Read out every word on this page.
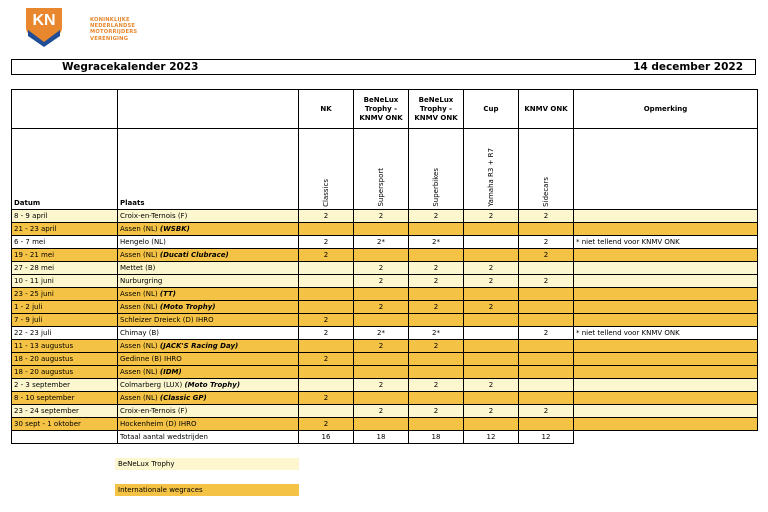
KN	KONINKLIJKE
NEDERLANDSE
MOTORRIJDERS
VERENIGING
Wegracekalender 2023	14 december 2022
		NK	BeNeLux Trophy - KNMV ONK	BeNeLux Trophy - KNMV ONK	Cup	KNMV ONK	Opmerking
Datum	Plaats	Classics	Supersport	Superbikes	Yamaha R3 + R7	Sidecars	
8 - 9 april	Croix-en-Ternois (F)	2	2	2	2	2	
21 - 23 april	Assen (NL) (WSBK)						
6 - 7 mei	Hengelo (NL)	2	2*	2*		2	* niet tellend voor KNMV ONK
19 - 21 mei	Assen (NL) (Ducati Clubrace)	2				2	
27 - 28 mei	Mettet (B)		2	2	2		
10 - 11 juni	Nurburgring		2	2	2	2	
23 - 25 juni	Assen (NL) (TT)						
1 - 2 juli	Assen (NL) (Moto Trophy)		2	2	2		
7 - 9 juli	Schleizer Dreieck (D) IHRO	2					
22 - 23 juli	Chimay (B)	2	2*	2*		2	* niet tellend voor KNMV ONK
11 - 13 augustus	Assen (NL) (JACK'S Racing Day)		2	2			
18 - 20 augustus	Gedinne (B) IHRO	2					
18 - 20 augustus	Assen (NL) (IDM)						
2 - 3 september	Colmarberg (LUX) (Moto Trophy)		2	2	2		
8 - 10 september	Assen (NL) (Classic GP)	2					
23 - 24 september	Croix-en-Ternois (F)		2	2	2	2	
30 sept - 1 oktober	Hockenheim (D) IHRO	2					
	Totaal aantal wedstrijden	16	18	18	12	12	
BeNeLux Trophy
Internationale wegraces
